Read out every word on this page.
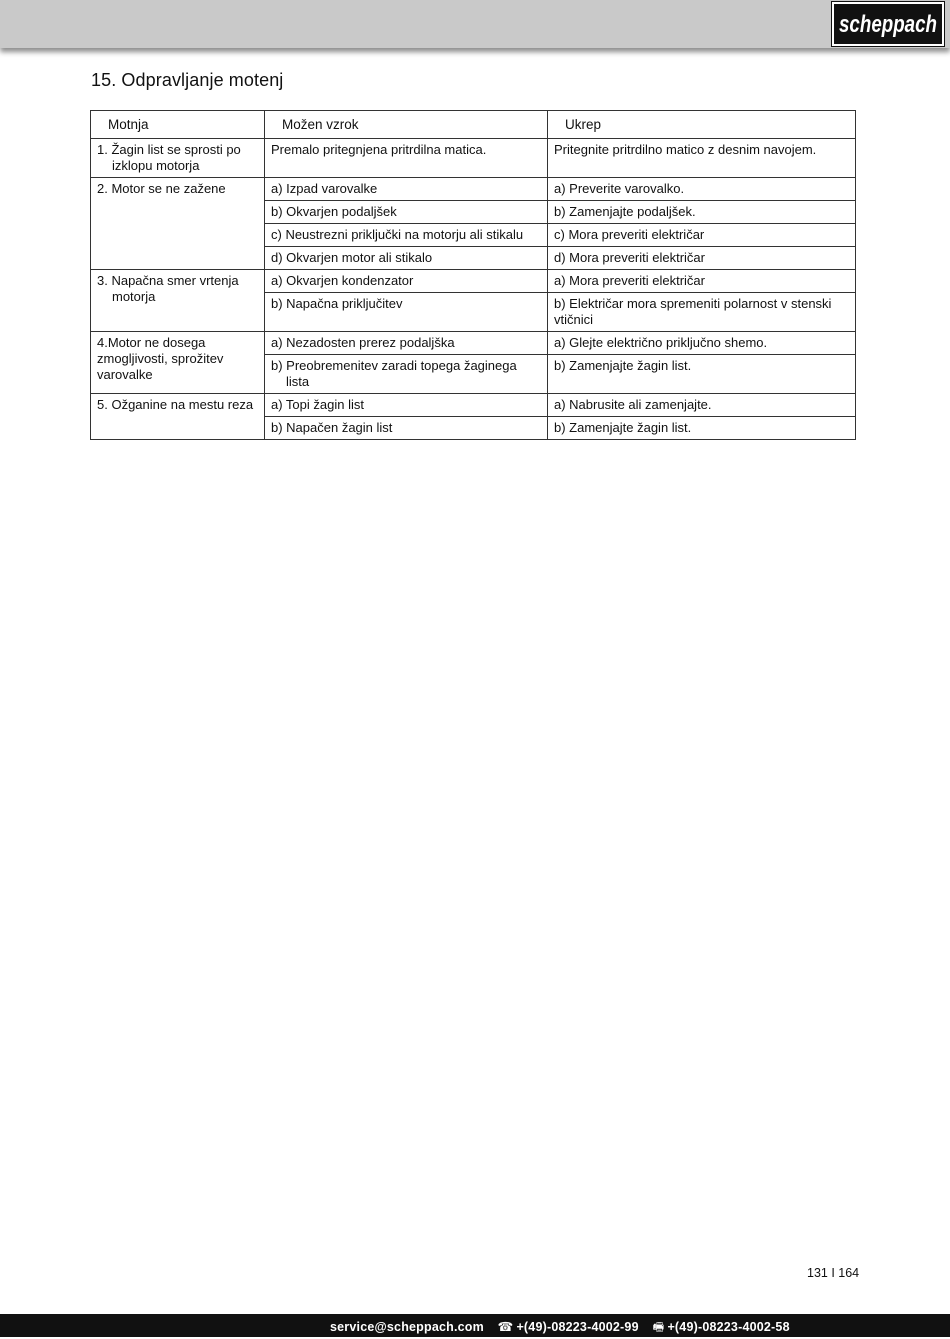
scheppach
15. Odpravljanje motenj
Motnja	Možen vzrok	Ukrep

1. Žagin list se sprosti po izklopu motorja	Premalo pritegnjena pritrdilna matica.	Pritegnite pritrdilno matico z desnim navojem.

2. Motor se ne zažene	a) Izpad varovalke	a) Preverite varovalko.

	b) Okvarjen podaljšek	b) Zamenjajte podaljšek.

	c) Neustrezni priključki na motorju ali stikalu	c) Mora preveriti električar

	d) Okvarjen motor ali stikalo	d) Mora preveriti električar

3. Napačna smer vrtenja motorja	a) Okvarjen kondenzator	a) Mora preveriti električar

	b) Napačna priključitev	b) Električar mora spremeniti polarnost v stenski vtičnici
4.Motor ne dosega zmogljivosti, sprožitev varovalke	a) Nezadosten prerez podaljška	a) Glejte električno priključno shemo.

	b) Preobremenitev zaradi topega žaginega lista	b) Zamenjajte žagin list.

5. Ožganine na mestu reza	a) Topi žagin list	a) Nabrusite ali zamenjajte.

	b) Napačen žagin list	b) Zamenjajte žagin list.
131 I 164
service@scheppach.com ☎ +(49)-08223-4002-99 🖷 +(49)-08223-4002-58
